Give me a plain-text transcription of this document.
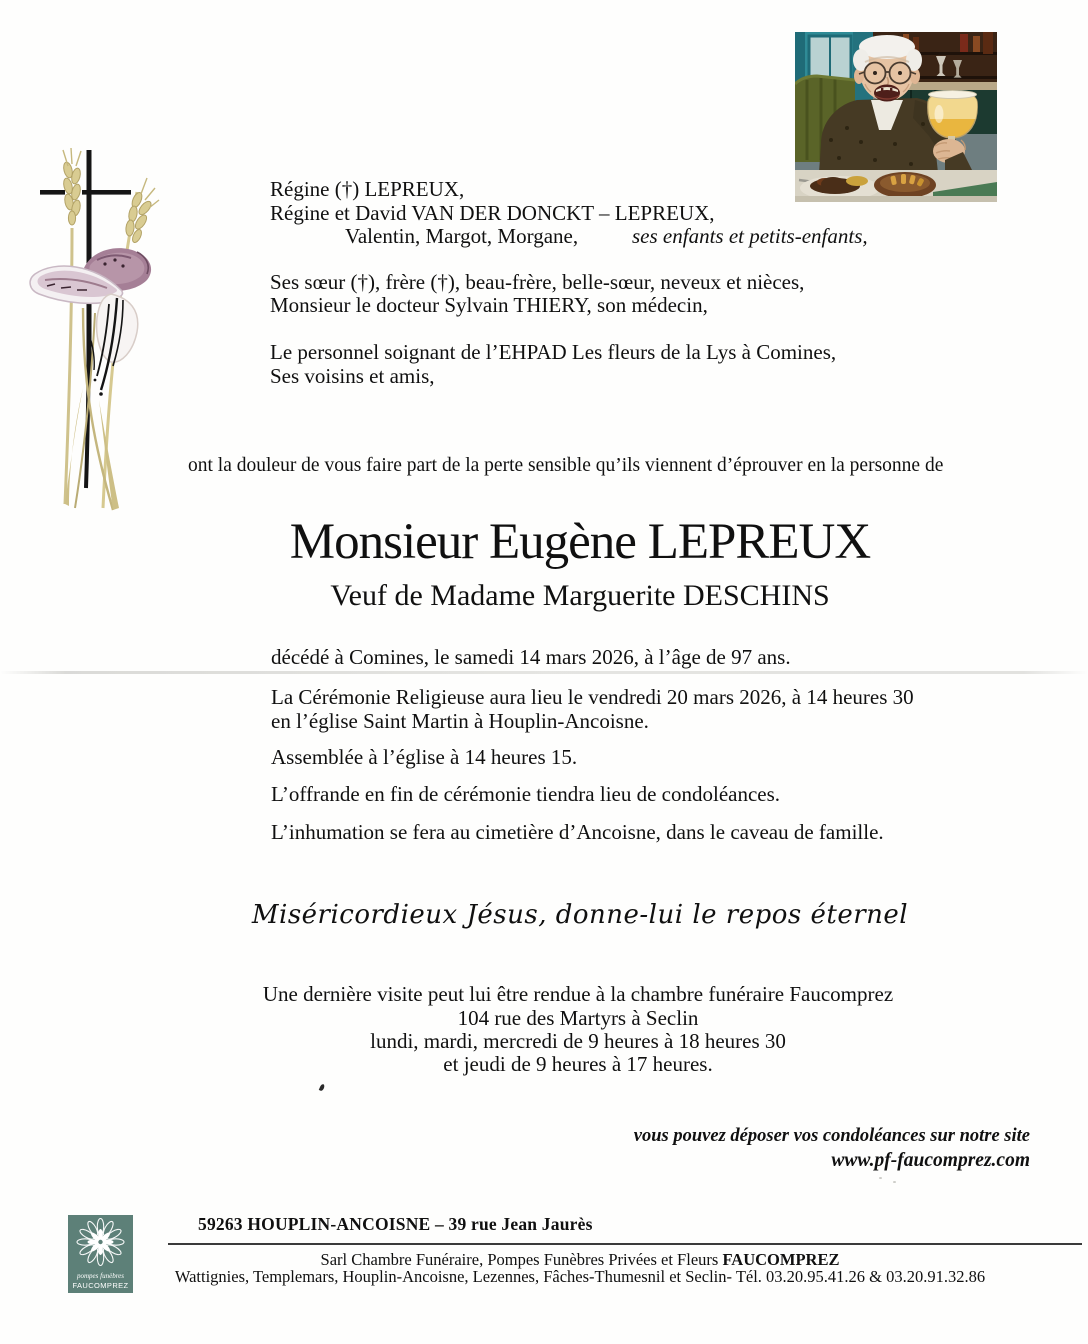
Régine (†) LEPREUX,
Régine et David VAN DER DONCKT – LEPREUX,
Valentin, Margot, Morgane,	ses enfants et petits-enfants,
Ses sœur (†), frère (†), beau-frère, belle-sœur, neveux et nièces,
Monsieur le docteur Sylvain THIERY, son médecin,
Le personnel soignant de l’EHPAD Les fleurs de la Lys à Comines,
Ses voisins et amis,
ont la douleur de vous faire part de la perte sensible qu’ils viennent d’éprouver en la personne de
Monsieur Eugène LEPREUX
Veuf de Madame Marguerite DESCHINS
décédé à Comines, le samedi 14 mars 2026, à l’âge de 97 ans.
La Cérémonie Religieuse aura lieu le vendredi 20 mars 2026, à 14 heures 30
en l’église Saint Martin à Houplin-Ancoisne.
Assemblée à l’église à 14 heures 15.
L’offrande en fin de cérémonie tiendra lieu de condoléances.
L’inhumation se fera au cimetière d’Ancoisne, dans le caveau de famille.
Miséricordieux Jésus, donne-lui le repos éternel
Une dernière visite peut lui être rendue à la chambre funéraire Faucomprez
104 rue des Martyrs à Seclin
lundi, mardi, mercredi de 9 heures à 18 heures 30
et jeudi de 9 heures à 17 heures.
vous pouvez déposer vos condoléances sur notre site
www.pf-faucomprez.com
pompes funèbres
FAUCOMPREZ
59263 HOUPLIN-ANCOISNE – 39 rue Jean Jaurès
Sarl Chambre Funéraire, Pompes Funèbres Privées et Fleurs FAUCOMPREZ
Wattignies, Templemars, Houplin-Ancoisne, Lezennes, Fâches-Thumesnil et Seclin- Tél. 03.20.95.41.26 & 03.20.91.32.86
